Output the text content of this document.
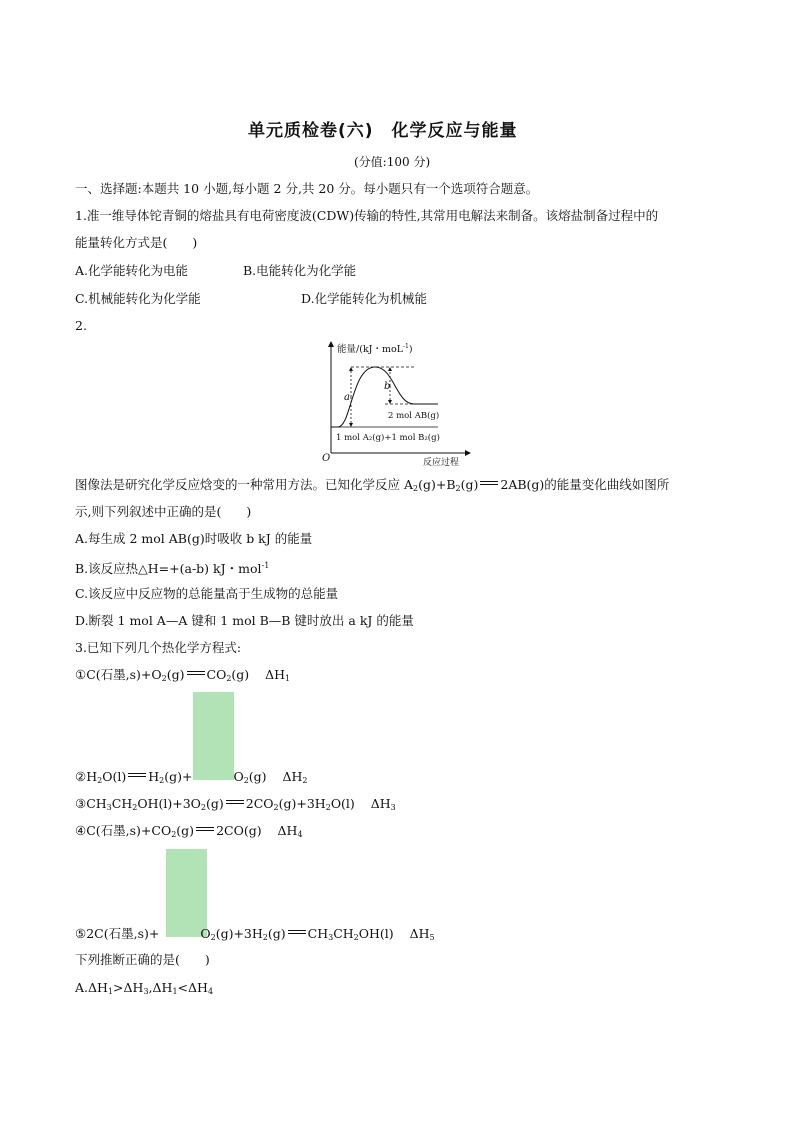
单元质检卷(六)　化学反应与能量
(分值:100 分)
一、选择题:本题共 10 小题,每小题 2 分,共 20 分。每小题只有一个选项符合题意。
1.准一维导体铊青铜的熔盐具有电荷密度波(CDW)传输的特性,其常用电解法来制备。该熔盐制备过程中的
能量转化方式是(　　)
A.化学能转化为电能	B.电能转化为化学能
C.机械能转化为化学能	D.化学能转化为机械能
2.
能量/(kJ・moL$^{-1}$)
反应过程
O
a
b
2 mol AB(g)
1 mol A₂(g)+1 mol B₂(g)
图像法是研究化学反应焓变的一种常用方法。已知化学反应 $A_2(g)+B_2(g)$ 2AB(g)的能量变化曲线如图所
示,则下列叙述中正确的是(　　)
A.每生成 2 mol AB(g)时吸收 b kJ 的能量
B.该反应热△H=+(a-b) kJ・mol$^{-1}$
C.该反应中反应物的总能量高于生成物的总能量
D.断裂 1 mol A—A 键和 1 mol B—B 键时放出 a kJ 的能量
3.已知下列几个热化学方程式:
①C(石墨$,s)+O_2(g)$ $CO_2(g)$ $\Delta H_1$
$②H_2O(l)$ $H_2(g)+$	$O_2(g)$ $\Delta H_2$
$③CH_3CH_2OH(l)+3O_2(g)$ $2CO_2(g)+3H_2O(l)$ $\Delta H_3$
④C(石墨$,s)+CO_2(g)$ 2CO(g) $\Delta H_4$
⑤2C(石墨,s)+	$O_2(g)+3H_2(g)$ $CH_3CH_2OH(l)$ $\Delta H_5$
下列推断正确的是(　　)
$A.\Delta H_1>\Delta H_3,\Delta H_1<\Delta H_4$
